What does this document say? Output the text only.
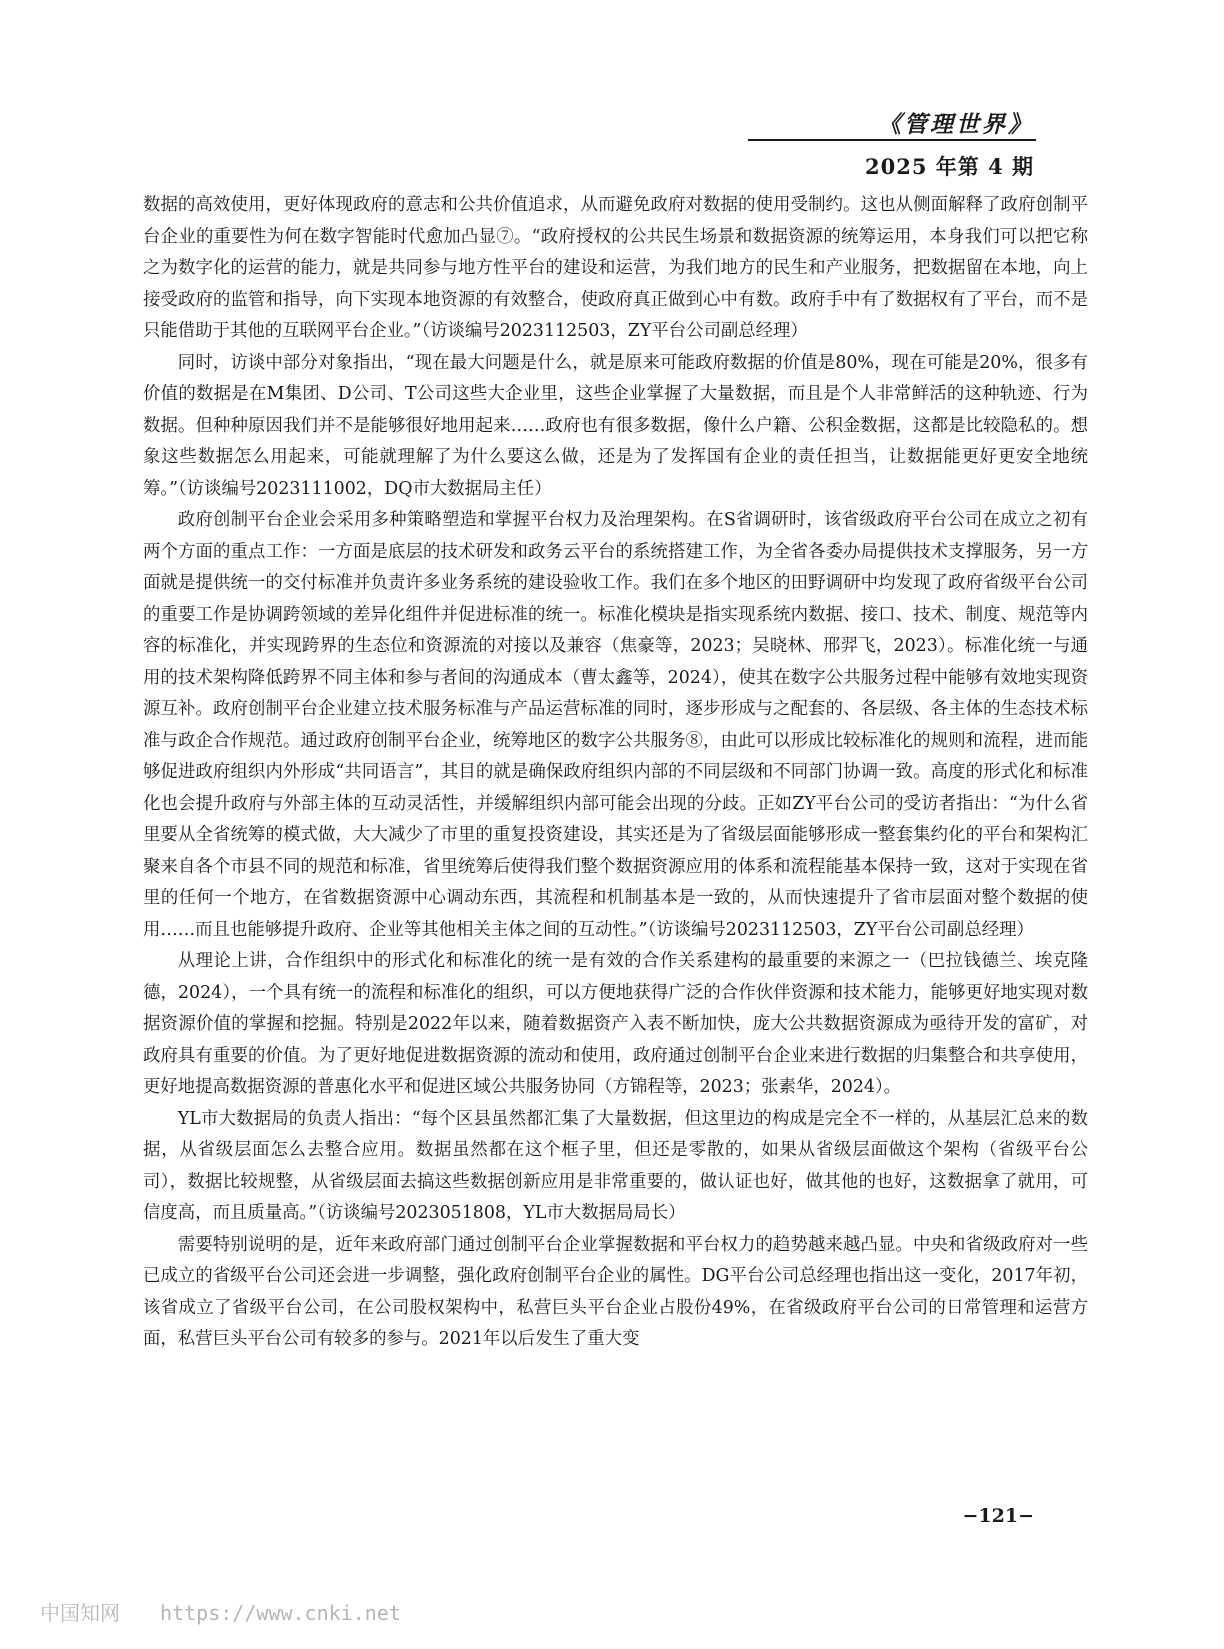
《管理世界》
2025 年第 4 期

数据的高效使用，更好体现政府的意志和公共价值追求，从而避免政府对数据的使用受制约。这也从侧面解释了政府创制平台企业的重要性为何在数字智能时代愈加凸显⑦。“政府授权的公共民生场景和数据资源的统筹运用，本身我们可以把它称之为数字化的运营的能力，就是共同参与地方性平台的建设和运营，为我们地方的民生和产业服务，把数据留在本地，向上接受政府的监管和指导，向下实现本地资源的有效整合，使政府真正做到心中有数。政府手中有了数据权有了平台，而不是只能借助于其他的互联网平台企业。”（访谈编号2023112503，ZY平台公司副总经理）

同时，访谈中部分对象指出，“现在最大问题是什么，就是原来可能政府数据的价值是80%，现在可能是20%，很多有价值的数据是在M集团、D公司、T公司这些大企业里，这些企业掌握了大量数据，而且是个人非常鲜活的这种轨迹、行为数据。但种种原因我们并不是能够很好地用起来……政府也有很多数据，像什么户籍、公积金数据，这都是比较隐私的。想象这些数据怎么用起来，可能就理解了为什么要这么做，还是为了发挥国有企业的责任担当，让数据能更好更安全地统筹。”（访谈编号2023111002，DQ市大数据局主任）

政府创制平台企业会采用多种策略塑造和掌握平台权力及治理架构。在S省调研时，该省级政府平台公司在成立之初有两个方面的重点工作：一方面是底层的技术研发和政务云平台的系统搭建工作，为全省各委办局提供技术支撑服务，另一方面就是提供统一的交付标准并负责许多业务系统的建设验收工作。我们在多个地区的田野调研中均发现了政府省级平台公司的重要工作是协调跨领域的差异化组件并促进标准的统一。标准化模块是指实现系统内数据、接口、技术、制度、规范等内容的标准化，并实现跨界的生态位和资源流的对接以及兼容（焦豪等，2023；吴晓林、邢羿飞，2023）。标准化统一与通用的技术架构降低跨界不同主体和参与者间的沟通成本（曹太鑫等，2024），使其在数字公共服务过程中能够有效地实现资源互补。政府创制平台企业建立技术服务标准与产品运营标准的同时，逐步形成与之配套的、各层级、各主体的生态技术标准与政企合作规范。通过政府创制平台企业，统筹地区的数字公共服务⑧，由此可以形成比较标准化的规则和流程，进而能够促进政府组织内外形成“共同语言”，其目的就是确保政府组织内部的不同层级和不同部门协调一致。高度的形式化和标准化也会提升政府与外部主体的互动灵活性，并缓解组织内部可能会出现的分歧。正如ZY平台公司的受访者指出：“为什么省里要从全省统筹的模式做，大大减少了市里的重复投资建设，其实还是为了省级层面能够形成一整套集约化的平台和架构汇聚来自各个市县不同的规范和标准，省里统筹后使得我们整个数据资源应用的体系和流程能基本保持一致，这对于实现在省里的任何一个地方，在省数据资源中心调动东西，其流程和机制基本是一致的，从而快速提升了省市层面对整个数据的使用……而且也能够提升政府、企业等其他相关主体之间的互动性。”（访谈编号2023112503，ZY平台公司副总经理）

从理论上讲，合作组织中的形式化和标准化的统一是有效的合作关系建构的最重要的来源之一（巴拉钱德兰、埃克隆德，2024），一个具有统一的流程和标准化的组织，可以方便地获得广泛的合作伙伴资源和技术能力，能够更好地实现对数据资源价值的掌握和挖掘。特别是2022年以来，随着数据资产入表不断加快，庞大公共数据资源成为亟待开发的富矿，对政府具有重要的价值。为了更好地促进数据资源的流动和使用，政府通过创制平台企业来进行数据的归集整合和共享使用，更好地提高数据资源的普惠化水平和促进区域公共服务协同（方锦程等，2023；张素华，2024）。

YL市大数据局的负责人指出：“每个区县虽然都汇集了大量数据，但这里边的构成是完全不一样的，从基层汇总来的数据，从省级层面怎么去整合应用。数据虽然都在这个框子里，但还是零散的，如果从省级层面做这个架构（省级平台公司），数据比较规整，从省级层面去搞这些数据创新应用是非常重要的，做认证也好，做其他的也好，这数据拿了就用，可信度高，而且质量高。”（访谈编号2023051808，YL市大数据局局长）

需要特别说明的是，近年来政府部门通过创制平台企业掌握数据和平台权力的趋势越来越凸显。中央和省级政府对一些已成立的省级平台公司还会进一步调整，强化政府创制平台企业的属性。DG平台公司总经理也指出这一变化，2017年初，该省成立了省级平台公司，在公司股权架构中，私营巨头平台企业占股份49%，在省级政府平台公司的日常管理和运营方面，私营巨头平台公司有较多的参与。2021年以后发生了重大变

−121−
中国知网 https://www.cnki.net
